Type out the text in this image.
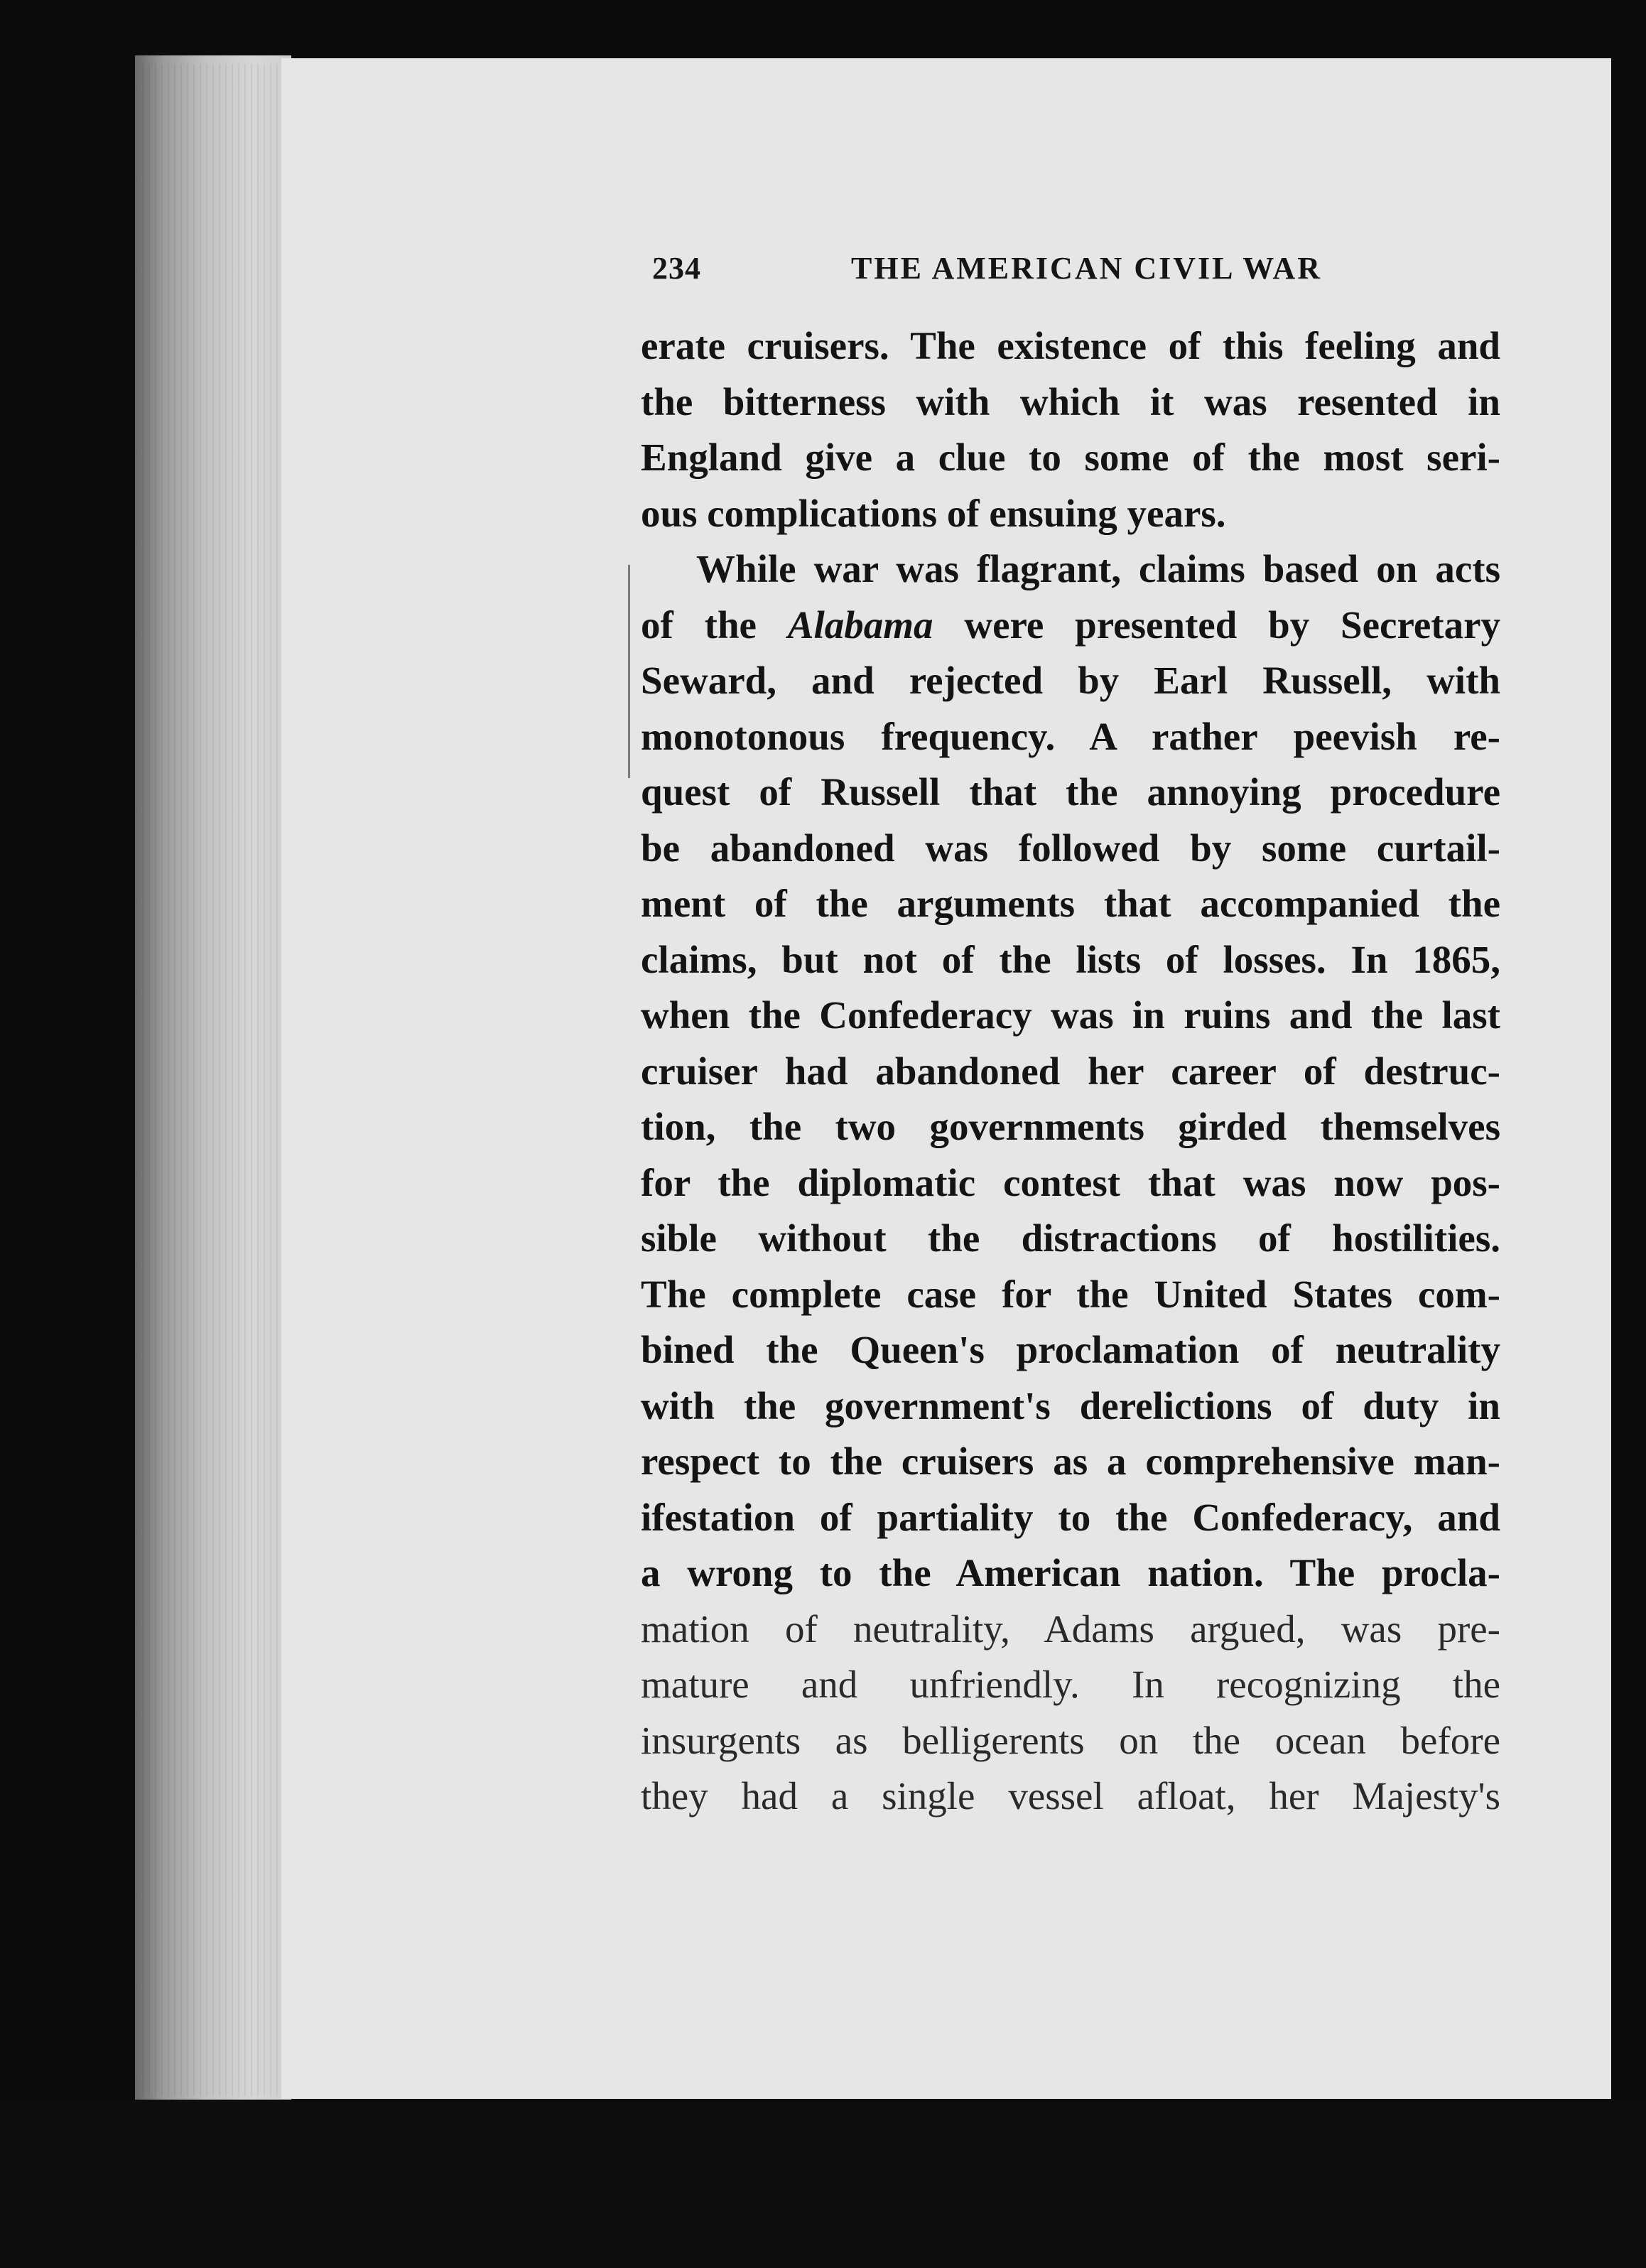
234	THE AMERICAN CIVIL WAR
erate cruisers. The existence of this feeling and
the bitterness with which it was resented in
England give a clue to some of the most seri-
ous complications of ensuing years.
While war was flagrant, claims based on acts
of the Alabama were presented by Secretary
Seward, and rejected by Earl Russell, with
monotonous frequency. A rather peevish re-
quest of Russell that the annoying procedure
be abandoned was followed by some curtail-
ment of the arguments that accompanied the
claims, but not of the lists of losses. In 1865,
when the Confederacy was in ruins and the last
cruiser had abandoned her career of destruc-
tion, the two governments girded themselves
for the diplomatic contest that was now pos-
sible without the distractions of hostilities.
The complete case for the United States com-
bined the Queen's proclamation of neutrality
with the government's derelictions of duty in
respect to the cruisers as a comprehensive man-
ifestation of partiality to the Confederacy, and
a wrong to the American nation. The procla-
mation of neutrality, Adams argued, was pre-
mature and unfriendly. In recognizing the
insurgents as belligerents on the ocean before
they had a single vessel afloat, her Majesty's
